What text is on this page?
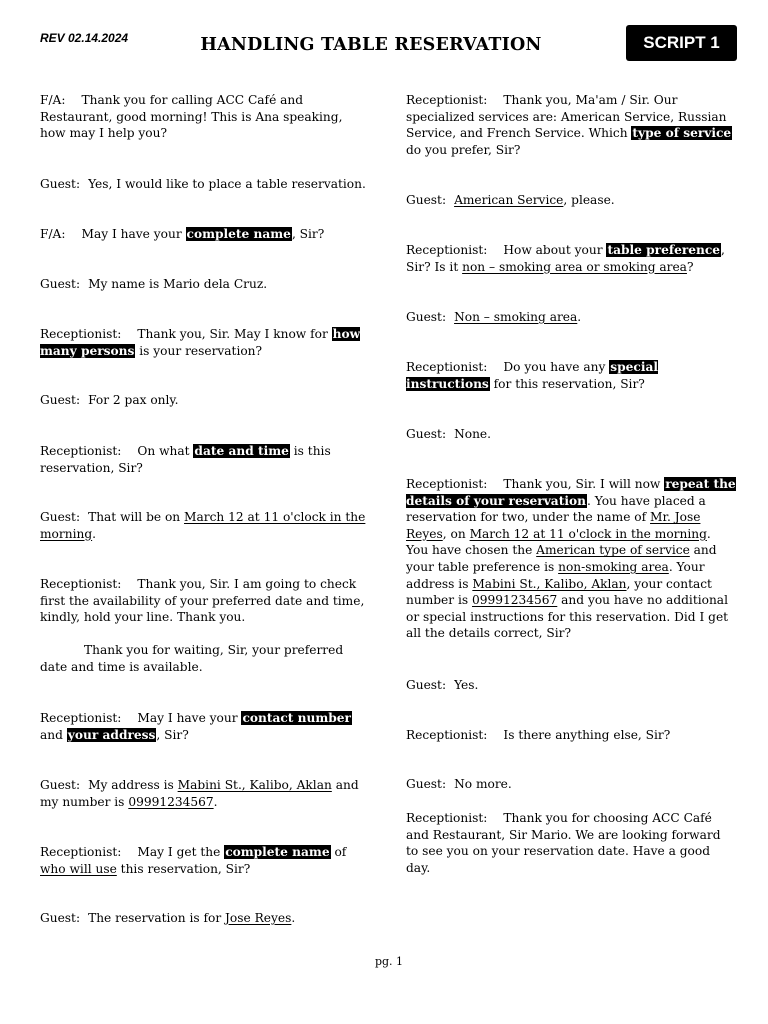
REV 02.14.2024	HANDLING TABLE RESERVATION	SCRIPT 1

F/A: Thank you for calling ACC Café and Restaurant, good morning! This is Ana speaking, how may I help you?

Guest: Yes, I would like to place a table reservation.

F/A: May I have your complete name, Sir?

Guest: My name is Mario dela Cruz.

Receptionist: Thank you, Sir. May I know for how many persons is your reservation?

Guest: For 2 pax only.

Receptionist: On what date and time is this reservation, Sir?

Guest: That will be on March 12 at 11 o'clock in the morning.

Receptionist: Thank you, Sir. I am going to check first the availability of your preferred date and time, kindly, hold your line. Thank you.

Thank you for waiting, Sir, your preferred date and time is available.

Receptionist: May I have your contact number and your address, Sir?

Guest: My address is Mabini St., Kalibo, Aklan and my number is 09991234567.

Receptionist: May I get the complete name of who will use this reservation, Sir?

Guest: The reservation is for Jose Reyes.

Receptionist: Thank you, Ma'am / Sir. Our specialized services are: American Service, Russian Service, and French Service. Which type of service do you prefer, Sir?

Guest: American Service, please.

Receptionist: How about your table preference, Sir? Is it non – smoking area or smoking area?

Guest: Non – smoking area.

Receptionist: Do you have any special instructions for this reservation, Sir?

Guest: None.

Receptionist: Thank you, Sir. I will now repeat the details of your reservation. You have placed a reservation for two, under the name of Mr. Jose Reyes, on March 12 at 11 o'clock in the morning. You have chosen the American type of service and your table preference is non-smoking area. Your address is Mabini St., Kalibo, Aklan, your contact number is 09991234567 and you have no additional or special instructions for this reservation. Did I get all the details correct, Sir?

Guest: Yes.

Receptionist: Is there anything else, Sir?

Guest: No more.

Receptionist: Thank you for choosing ACC Café and Restaurant, Sir Mario. We are looking forward to see you on your reservation date. Have a good day.

pg. 1
